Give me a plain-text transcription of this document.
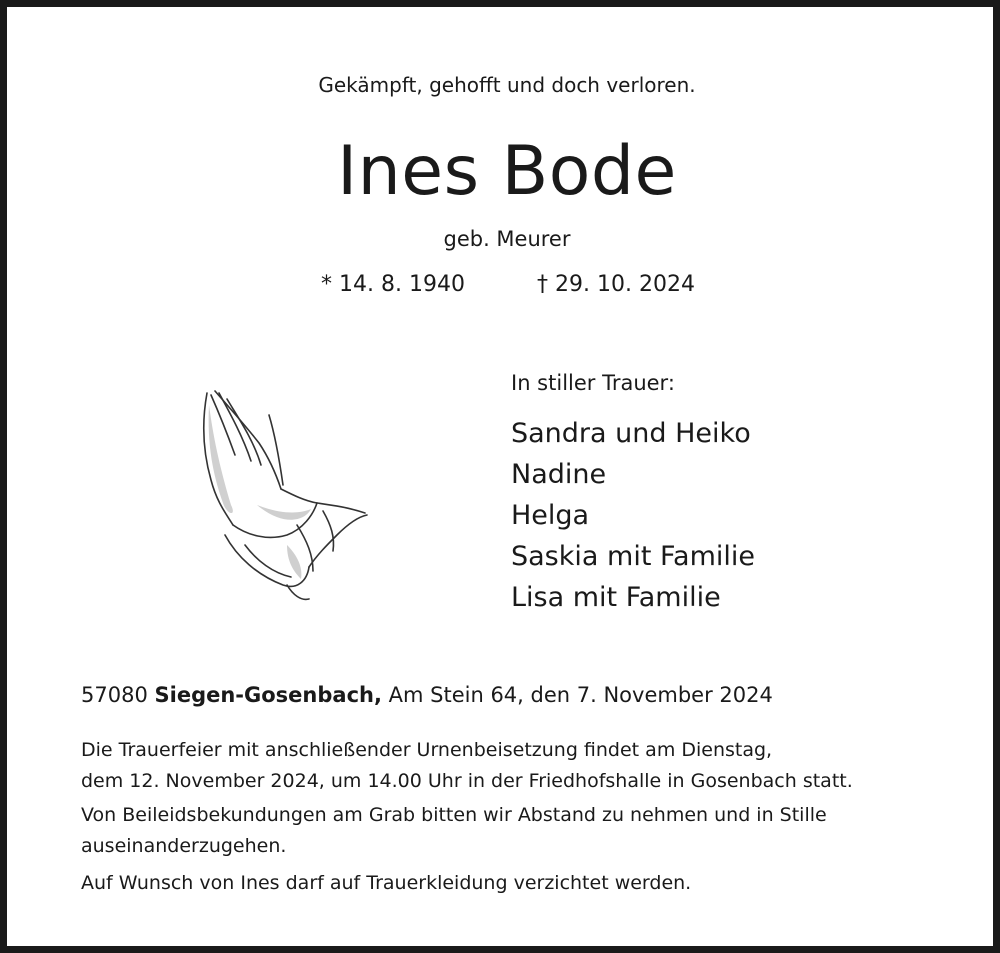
Gekämpft, gehofft und doch verloren.
Ines Bode
geb. Meurer
* 14. 8. 1940	† 29. 10. 2024
In stiller Trauer:
Sandra und Heiko
Nadine
Helga
Saskia mit Familie
Lisa mit Familie
57080 Siegen-Gosenbach, Am Stein 64, den 7. November 2024
Die Trauerfeier mit anschließender Urnenbeisetzung findet am Dienstag,
dem 12. November 2024, um 14.00 Uhr in der Friedhofshalle in Gosenbach statt.
Von Beileidsbekundungen am Grab bitten wir Abstand zu nehmen und in Stille
auseinanderzugehen.
Auf Wunsch von Ines darf auf Trauerkleidung verzichtet werden.
